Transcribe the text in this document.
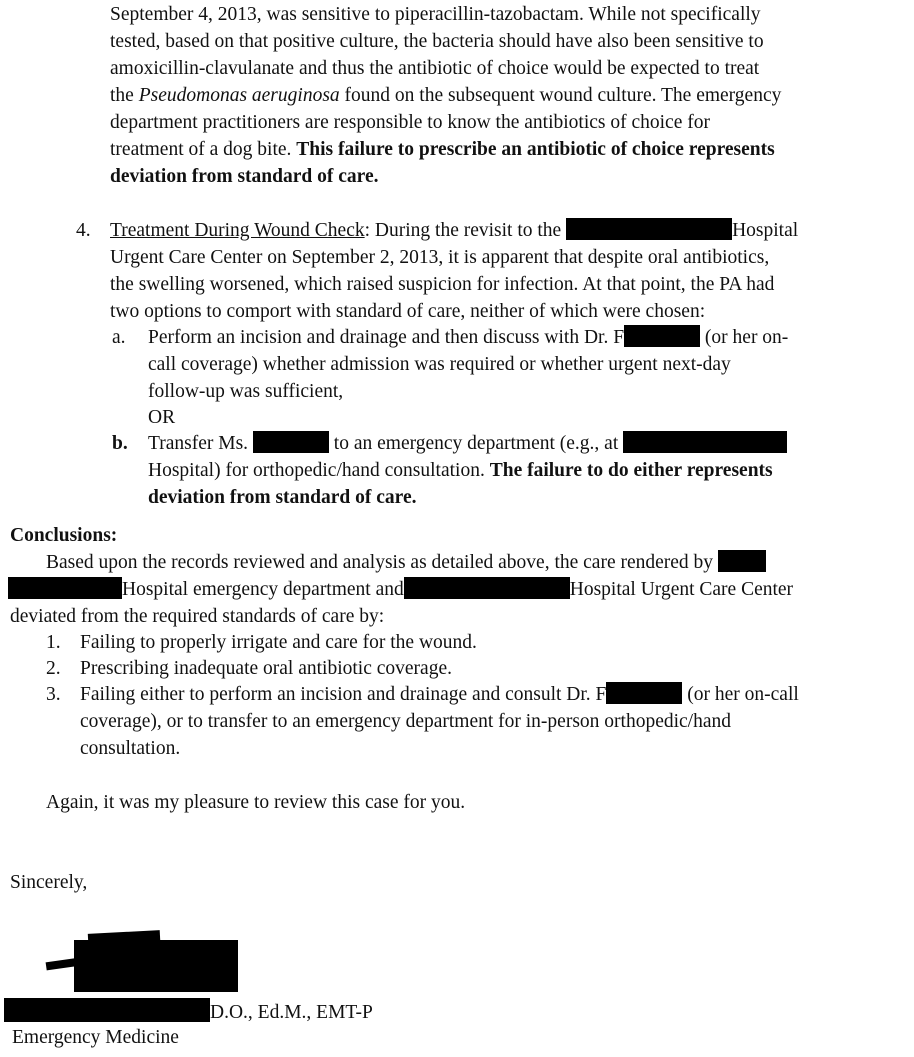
September 4, 2013, was sensitive to piperacillin-tazobactam. While not specifically
tested, based on that positive culture, the bacteria should have also been sensitive to
amoxicillin-clavulanate and thus the antibiotic of choice would be expected to treat
the Pseudomonas aeruginosa found on the subsequent wound culture. The emergency
department practitioners are responsible to know the antibiotics of choice for
treatment of a dog bite. This failure to prescribe an antibiotic of choice represents
deviation from standard of care.
4. Treatment During Wound Check: During the revisit to the	Hospital
Urgent Care Center on September 2, 2013, it is apparent that despite oral antibiotics,
the swelling worsened, which raised suspicion for infection. At that point, the PA had
two options to comport with standard of care, neither of which were chosen:
a. Perform an incision and drainage and then discuss with Dr. F	(or her on-
call coverage) whether admission was required or whether urgent next-day
follow-up was sufficient,
OR
b. Transfer Ms.	to an emergency department (e.g., at
Hospital) for orthopedic/hand consultation. The failure to do either represents
deviation from standard of care.
Conclusions:
Based upon the records reviewed and analysis as detailed above, the care rendered by
Hospital emergency department and	Hospital Urgent Care Center
deviated from the required standards of care by:
1. Failing to properly irrigate and care for the wound.
2. Prescribing inadequate oral antibiotic coverage.
3. Failing either to perform an incision and drainage and consult Dr. F	(or her on-call
coverage), or to transfer to an emergency department for in-person orthopedic/hand
consultation.
Again, it was my pleasure to review this case for you.
Sincerely,
D.O., Ed.M., EMT-P
Emergency Medicine
